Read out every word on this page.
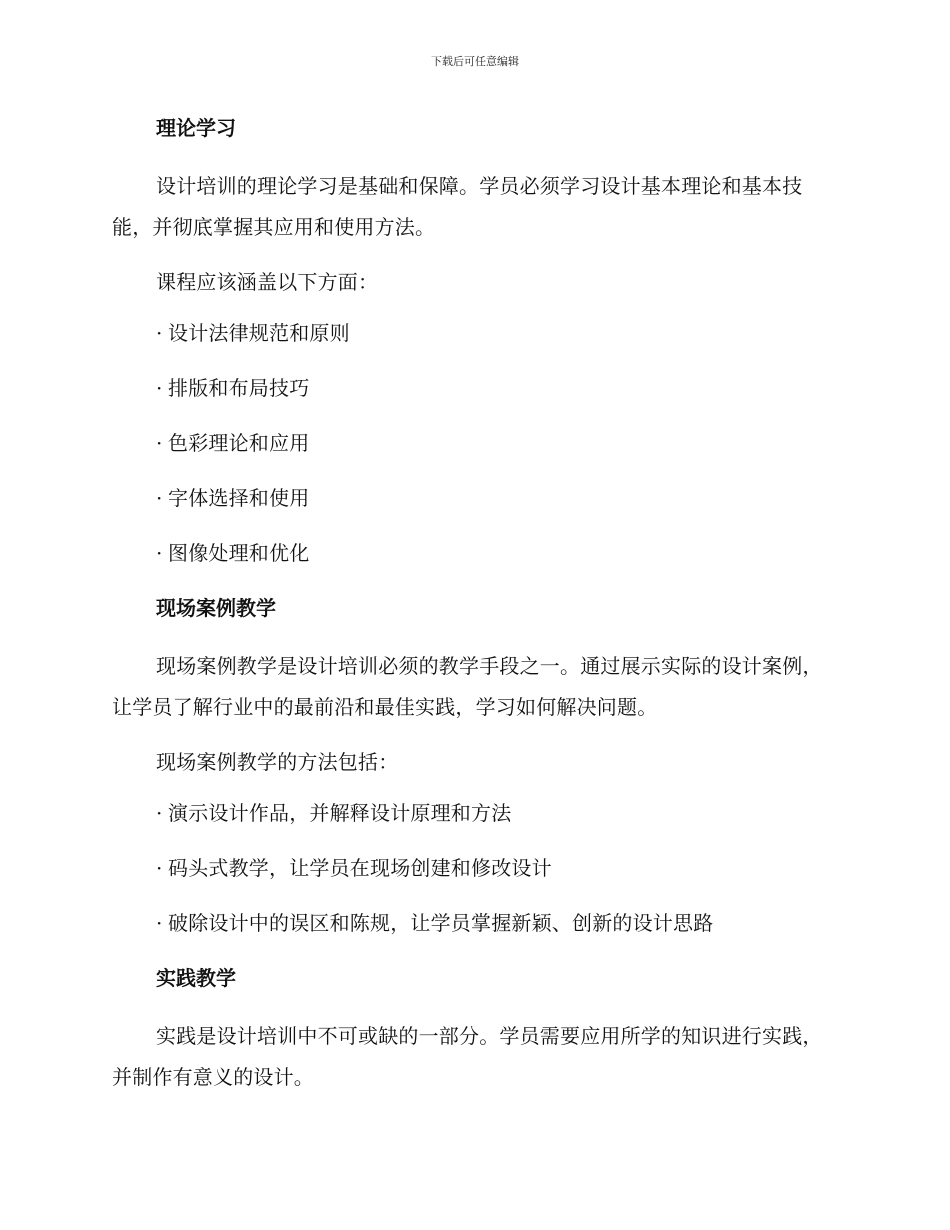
下载后可任意编辑
理论学习
设计培训的理论学习是基础和保障。学员必须学习设计基本理论和基本技能，并彻底掌握其应用和使用方法。
课程应该涵盖以下方面：
· 设计法律规范和原则
· 排版和布局技巧
· 色彩理论和应用
· 字体选择和使用
· 图像处理和优化
现场案例教学
现场案例教学是设计培训必须的教学手段之一。通过展示实际的设计案例，让学员了解行业中的最前沿和最佳实践，学习如何解决问题。
现场案例教学的方法包括：
· 演示设计作品，并解释设计原理和方法
· 码头式教学，让学员在现场创建和修改设计
· 破除设计中的误区和陈规，让学员掌握新颖、创新的设计思路
实践教学
实践是设计培训中不可或缺的一部分。学员需要应用所学的知识进行实践，并制作有意义的设计。
